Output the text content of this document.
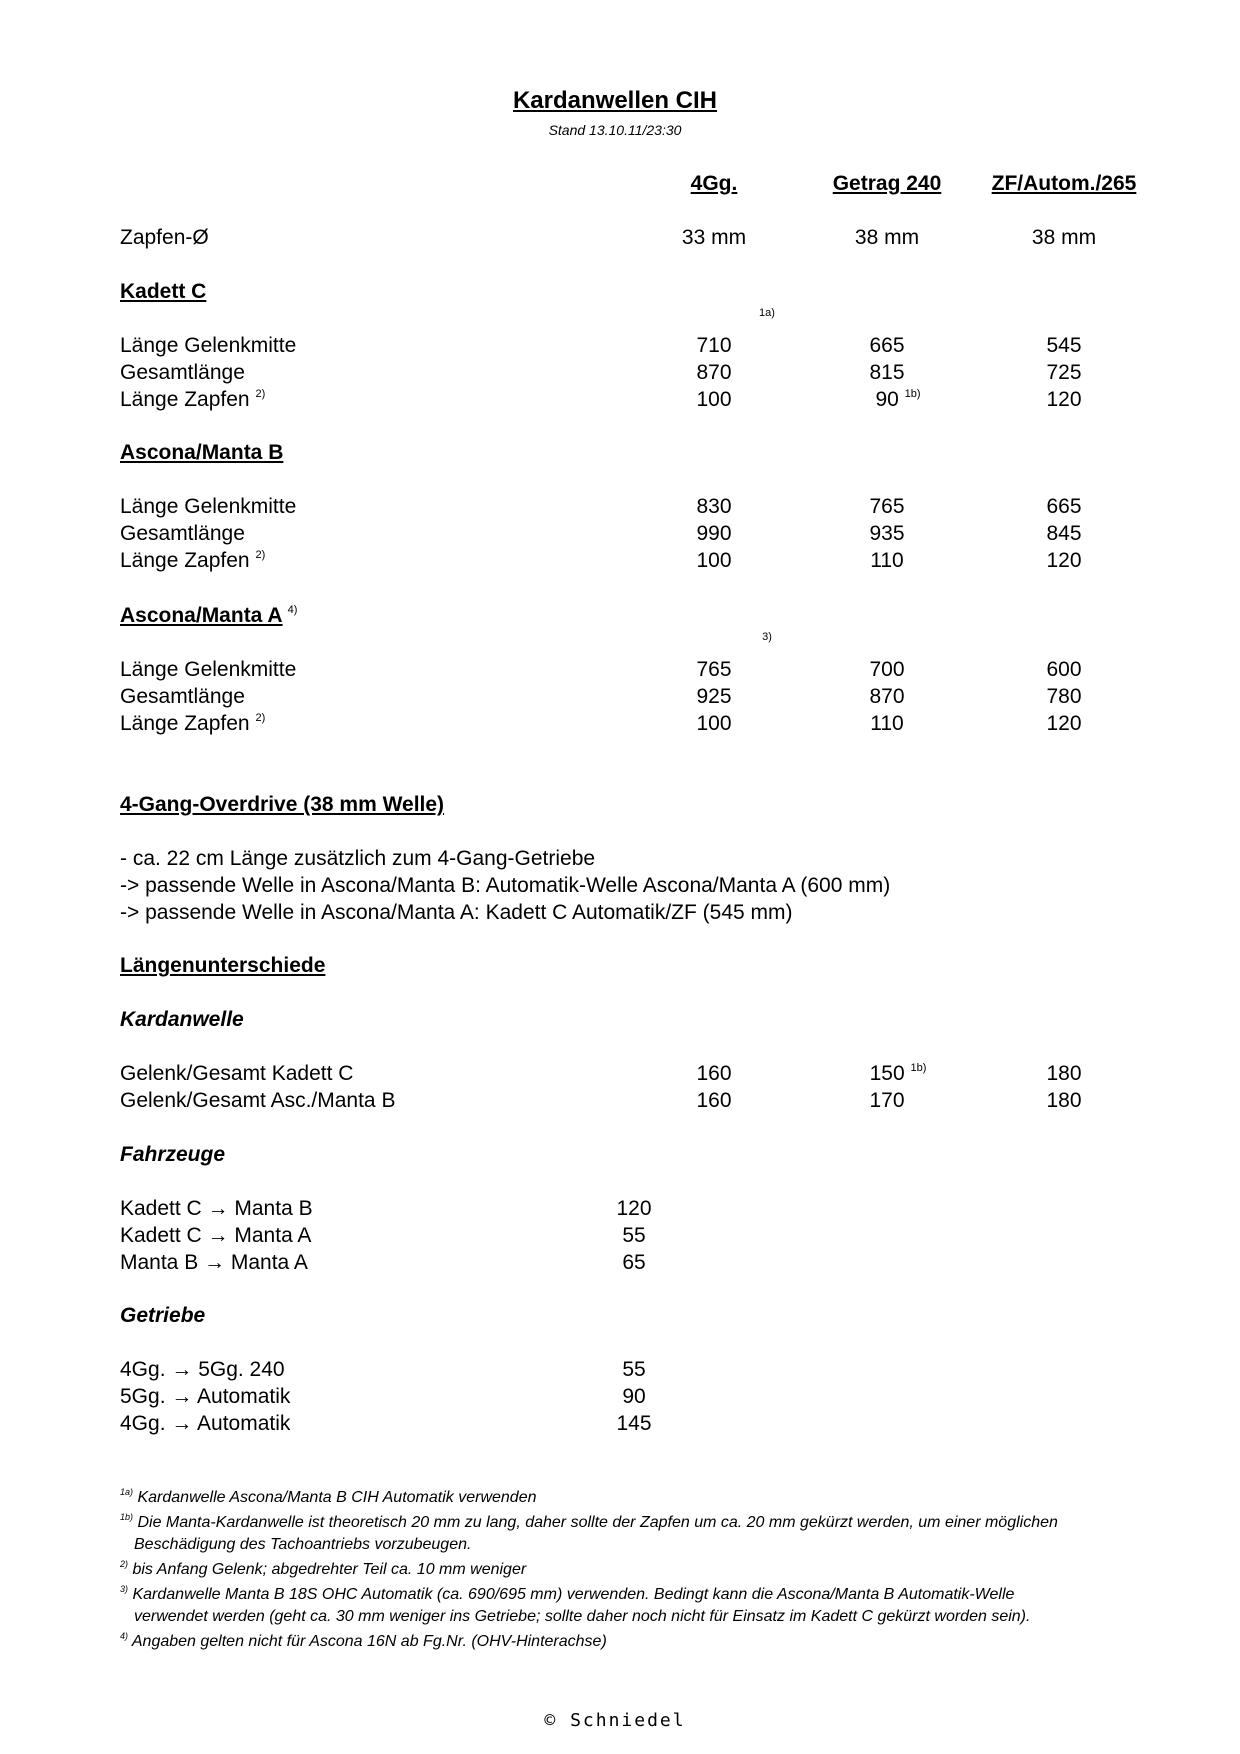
Kardanwellen CIH
Stand 13.10.11/23:30
4Gg.	Getrag 240	ZF/Autom./265
Zapfen-Ø	33 mm	38 mm	38 mm
Kadett C
1a)
Länge Gelenkmitte	710	665	545
Gesamtlänge	870	815	725
Länge Zapfen $^{2)}$	100	90 $^{1b)}$	120
Ascona/Manta B
Länge Gelenkmitte	830	765	665
Gesamtlänge	990	935	845
Länge Zapfen $^{2)}$	100	110	120
Ascona/Manta A $^{4)}$
3)
Länge Gelenkmitte	765	700	600
Gesamtlänge	925	870	780
Länge Zapfen $^{2)}$	100	110	120
4-Gang-Overdrive (38 mm Welle)
- ca. 22 cm Länge zusätzlich zum 4-Gang-Getriebe
-> passende Welle in Ascona/Manta B: Automatik-Welle Ascona/Manta A (600 mm)
-> passende Welle in Ascona/Manta A: Kadett C Automatik/ZF (545 mm)
Längenunterschiede
Kardanwelle
Gelenk/Gesamt Kadett C	160	150 $^{1b)}$	180
Gelenk/Gesamt Asc./Manta B	160	170	180
Fahrzeuge
Kadett C → Manta B	120
Kadett C → Manta A	55
Manta B → Manta A	65
Getriebe
4Gg. → 5Gg. 240	55
5Gg. → Automatik	90
4Gg. → Automatik	145
$^{1a)}$ Kardanwelle Ascona/Manta B CIH Automatik verwenden
$^{1b)}$ Die Manta-Kardanwelle ist theoretisch 20 mm zu lang, daher sollte der Zapfen um ca. 20 mm gekürzt werden, um einer möglichen
Beschädigung des Tachoantriebs vorzubeugen.
$^{2)}$ bis Anfang Gelenk; abgedrehter Teil ca. 10 mm weniger
$^{3)}$ Kardanwelle Manta B 18S OHC Automatik (ca. 690/695 mm) verwenden. Bedingt kann die Ascona/Manta B Automatik-Welle
verwendet werden (geht ca. 30 mm weniger ins Getriebe; sollte daher noch nicht für Einsatz im Kadett C gekürzt worden sein).
$^{4)}$ Angaben gelten nicht für Ascona 16N ab Fg.Nr. (OHV-Hinterachse)
© Schniedel
